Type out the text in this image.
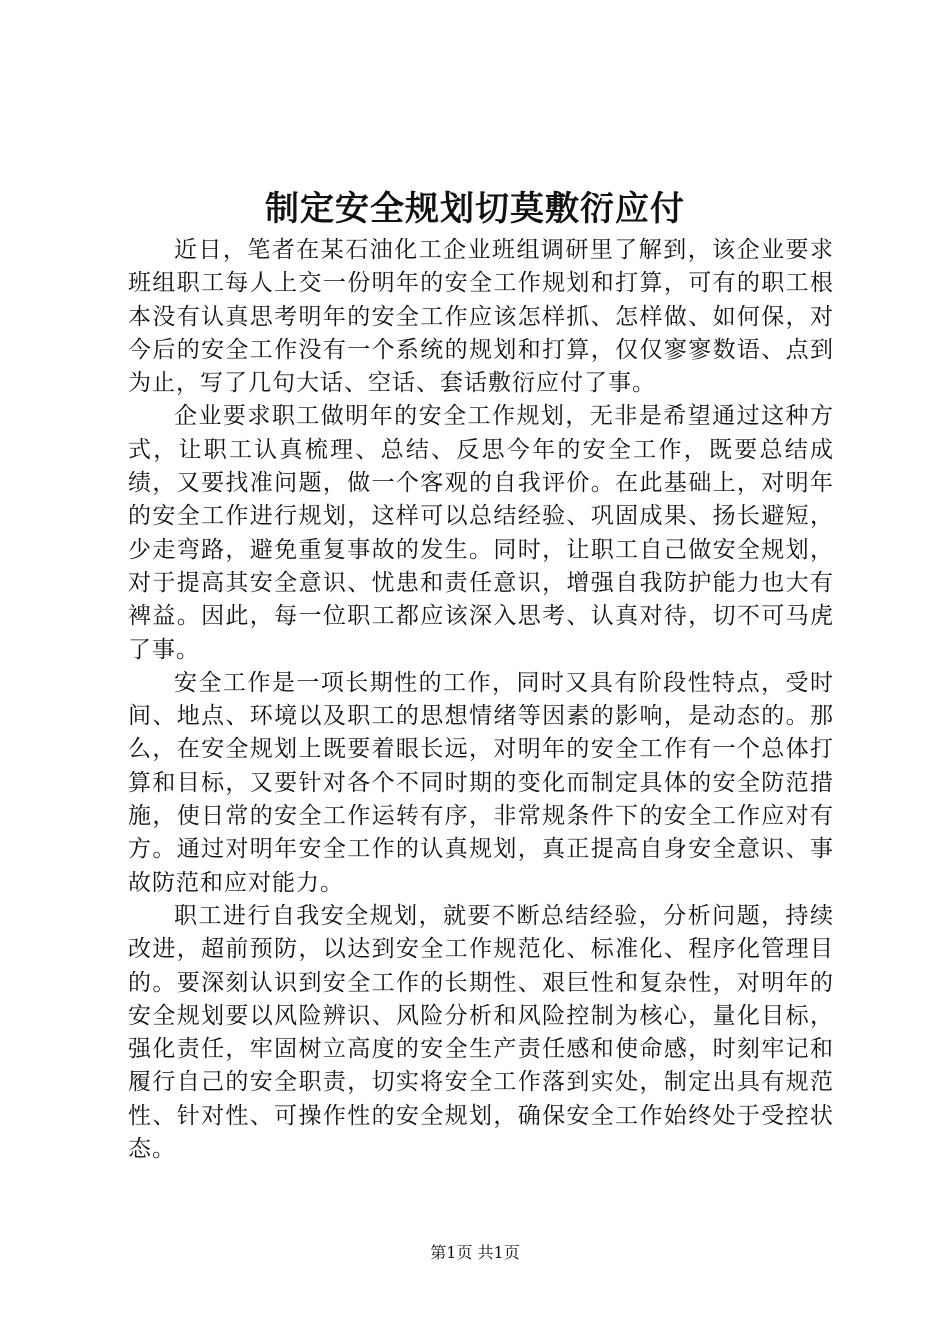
制定安全规划切莫敷衍应付

近日，笔者在某石油化工企业班组调研里了解到，该企业要求班组职工每人上交一份明年的安全工作规划和打算，可有的职工根本没有认真思考明年的安全工作应该怎样抓、怎样做、如何保，对今后的安全工作没有一个系统的规划和打算，仅仅寥寥数语、点到为止，写了几句大话、空话、套话敷衍应付了事。

企业要求职工做明年的安全工作规划，无非是希望通过这种方式，让职工认真梳理、总结、反思今年的安全工作，既要总结成绩，又要找准问题，做一个客观的自我评价。在此基础上，对明年的安全工作进行规划，这样可以总结经验、巩固成果、扬长避短，少走弯路，避免重复事故的发生。同时，让职工自己做安全规划，对于提高其安全意识、忧患和责任意识，增强自我防护能力也大有裨益。因此，每一位职工都应该深入思考、认真对待，切不可马虎了事。

安全工作是一项长期性的工作，同时又具有阶段性特点，受时间、地点、环境以及职工的思想情绪等因素的影响，是动态的。那么，在安全规划上既要着眼长远，对明年的安全工作有一个总体打算和目标，又要针对各个不同时期的变化而制定具体的安全防范措施，使日常的安全工作运转有序，非常规条件下的安全工作应对有方。通过对明年安全工作的认真规划，真正提高自身安全意识、事故防范和应对能力。

职工进行自我安全规划，就要不断总结经验，分析问题，持续改进，超前预防，以达到安全工作规范化、标准化、程序化管理目的。要深刻认识到安全工作的长期性、艰巨性和复杂性，对明年的安全规划要以风险辨识、风险分析和风险控制为核心，量化目标，强化责任，牢固树立高度的安全生产责任感和使命感，时刻牢记和履行自己的安全职责，切实将安全工作落到实处，制定出具有规范性、针对性、可操作性的安全规划，确保安全工作始终处于受控状态。

第1页 共1页
